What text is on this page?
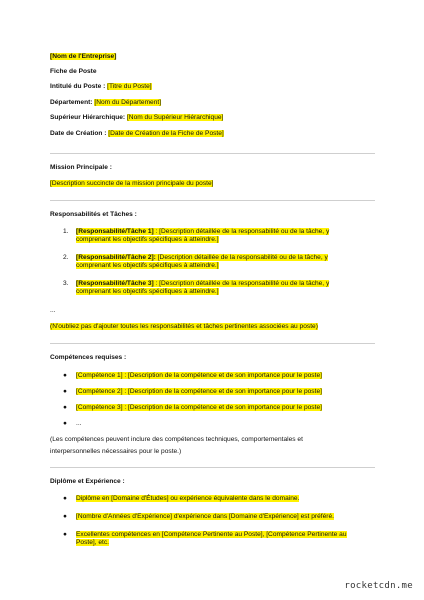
[Nom de l'Entreprise]

Fiche de Poste

Intitulé du Poste : [Titre du Poste]

Département: [Nom du Département]

Supérieur Hiérarchique: [Nom du Supérieur Hiérarchique]

Date de Création : [Date de Création de la Fiche de Poste]

Mission Principale :

[Description succincte de la mission principale du poste]

Responsabilités et Tâches :

1. [Responsabilité/Tâche 1] : [Description détaillée de la responsabilité ou de la tâche, y comprenant les objectifs spécifiques à atteindre.]
2. [Responsabilité/Tâche 2]: [Description détaillée de la responsabilité ou de la tâche, y comprenant les objectifs spécifiques à atteindre.]
3. [Responsabilité/Tâche 3] : [Description détaillée de la responsabilité ou de la tâche, y comprenant les objectifs spécifiques à atteindre.]

...

(N'oubliez pas d'ajouter toutes les responsabilités et tâches pertinentes associées au poste)

Compétences requises :

●	[Compétence 1] : [Description de la compétence et de son importance pour le poste]
●	[Compétence 2] : [Description de la compétence et de son importance pour le poste]
●	[Compétence 3] : [Description de la compétence et de son importance pour le poste]
●	...

(Les compétences peuvent inclure des compétences techniques, comportementales et

interpersonnelles nécessaires pour le poste.)

Diplôme et Expérience :

●	Diplôme en [Domaine d'Études] ou expérience équivalente dans le domaine.
●	[Nombre d'Années d'Expérience] d'expérience dans [Domaine d'Expérience] est préféré.
●	Excellentes compétences en [Compétence Pertinente au Poste], [Compétence Pertinente au Poste], etc.
rocketcdn.me
